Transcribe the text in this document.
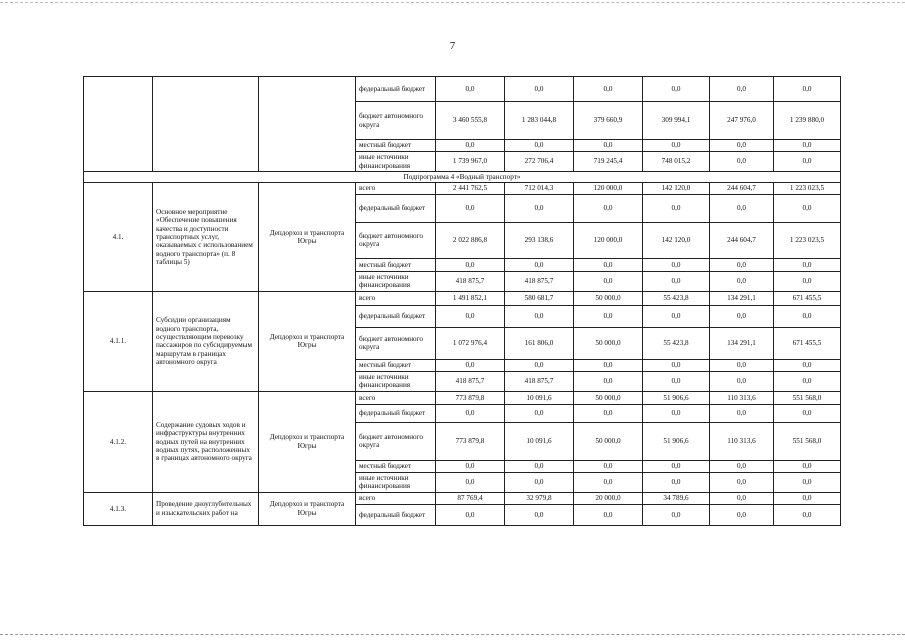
7
			федеральный бюджет	0,0	0,0	0,0	0,0	0,0	0,0
			бюджет автономного округа	3 460 555,8	1 283 044,8	379 660,9	309 994,1	247 976,0	1 239 880,0
			местный бюджет	0,0	0,0	0,0	0,0	0,0	0,0
			иные источники финансирования	1 739 967,0	272 706,4	719 245,4	748 015,2	0,0	0,0
Подпрограмма 4 «Водный транспорт»									
4.1.	Основное мероприятие «Обеспечение повышения качества и доступности транспортных услуг, оказываемых с использованием водного транспорта» (п. 8 таблицы 5)	Депдорхоз и транспорта Югры	всего	2 441 762,5	712 014,3	120 000,0	142 120,0	244 604,7	1 223 023,5
			федеральный бюджет	0,0	0,0	0,0	0,0	0,0	0,0
			бюджет автономного округа	2 022 886,8	293 138,6	120 000,0	142 120,0	244 604,7	1 223 023,5
			местный бюджет	0,0	0,0	0,0	0,0	0,0	0,0
			иные источники финансирования	418 875,7	418 875,7	0,0	0,0	0,0	0,0
4.1.1.	Субсидии организациям водного транспорта, осуществляющим перевозку пассажиров по субсидируемым маршрутам в границах автономного округа	Депдорхоз и транспорта Югры	всего	1 491 852,1	580 681,7	50 000,0	55 423,8	134 291,1	671 455,5
			федеральный бюджет	0,0	0,0	0,0	0,0	0,0	0,0
			бюджет автономного округа	1 072 976,4	161 806,0	50 000,0	55 423,8	134 291,1	671 455,5
			местный бюджет	0,0	0,0	0,0	0,0	0,0	0,0
			иные источники финансирования	418 875,7	418 875,7	0,0	0,0	0,0	0,0
4.1.2.	Содержание судовых ходов и инфраструктуры внутренних водных путей на внутренних водных путях, расположенных в границах автономного округа	Депдорхоз и транспорта Югры	всего	773 879,8	10 091,6	50 000,0	51 906,6	110 313,6	551 568,0
			федеральный бюджет	0,0	0,0	0,0	0,0	0,0	0,0
			бюджет автономного округа	773 879,8	10 091,6	50 000,0	51 906,6	110 313,6	551 568,0
			местный бюджет	0,0	0,0	0,0	0,0	0,0	0,0
			иные источники финансирования	0,0	0,0	0,0	0,0	0,0	0,0
4.1.3.	Проведение дноуглубительных и изыскательских работ на	Депдорхоз и транспорта Югры	всего	87 769,4	32 979,8	20 000,0	34 789,6	0,0	0,0
			федеральный бюджет	0,0	0,0	0,0	0,0	0,0	0,0
